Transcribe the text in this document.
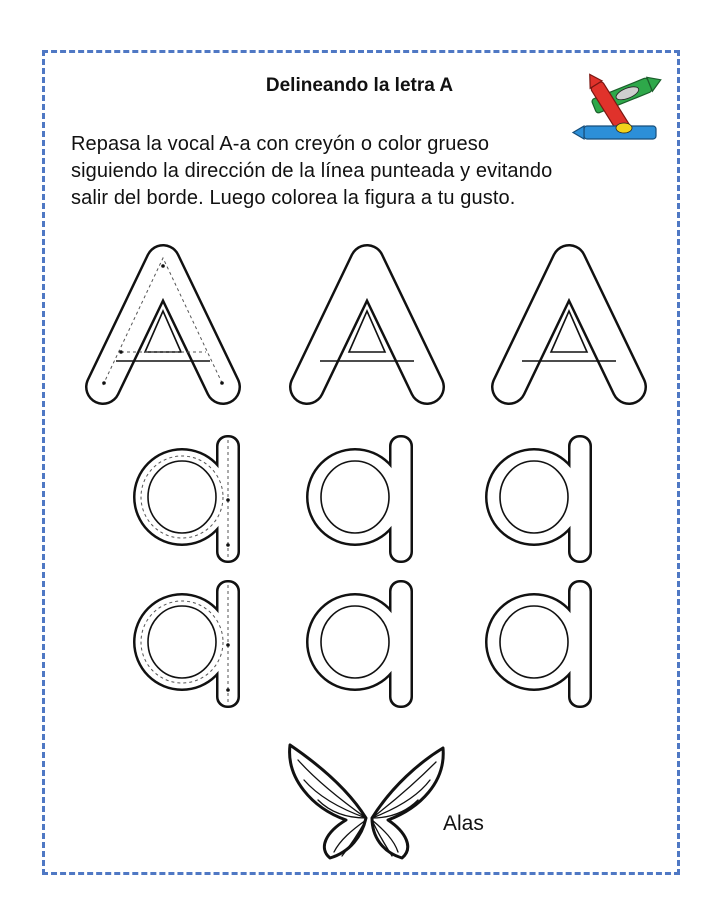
Delineando la letra A
Repasa la vocal A-a con creyón o color grueso
siguiendo la dirección de la línea punteada y evitando
salir del borde. Luego colorea la figura a tu gusto.
Alas
